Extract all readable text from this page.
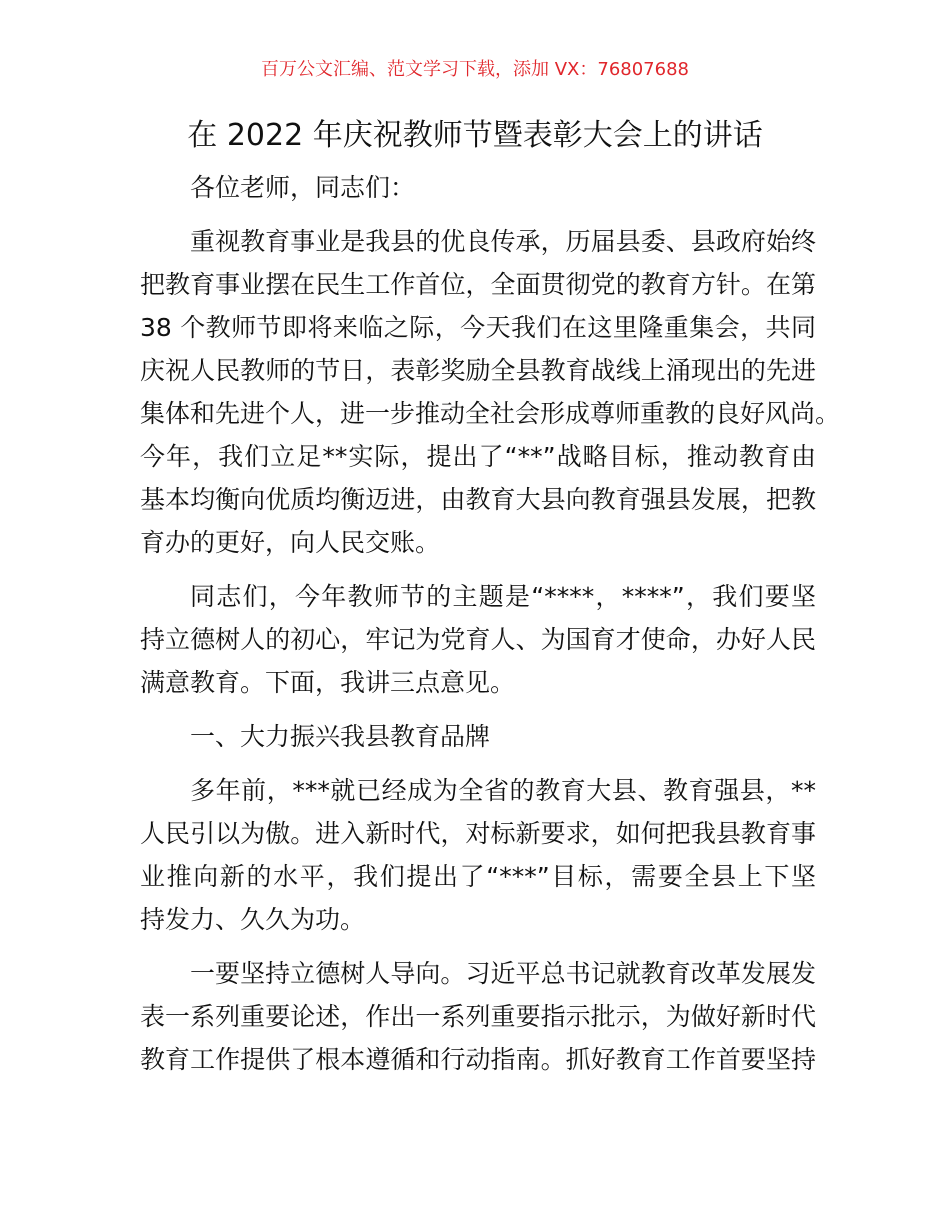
百万公文汇编、范文学习下载，添加 VX：76807688
在 2022 年庆祝教师节暨表彰大会上的讲话
各位老师，同志们：
重视教育事业是我县的优良传承，历届县委、县政府始终
把教育事业摆在民生工作首位，全面贯彻党的教育方针。在第
38 个教师节即将来临之际，今天我们在这里隆重集会，共同
庆祝人民教师的节日，表彰奖励全县教育战线上涌现出的先进
集体和先进个人，进一步推动全社会形成尊师重教的良好风尚。
今年，我们立足**实际，提出了“**”战略目标，推动教育由
基本均衡向优质均衡迈进，由教育大县向教育强县发展，把教
育办的更好，向人民交账。
同志们，今年教师节的主题是“****，****”，我们要坚
持立德树人的初心，牢记为党育人、为国育才使命，办好人民
满意教育。下面，我讲三点意见。
一、大力振兴我县教育品牌
多年前，***就已经成为全省的教育大县、教育强县，**
人民引以为傲。进入新时代，对标新要求，如何把我县教育事
业推向新的水平，我们提出了“***”目标，需要全县上下坚
持发力、久久为功。
一要坚持立德树人导向。习近平总书记就教育改革发展发
表一系列重要论述，作出一系列重要指示批示，为做好新时代
教育工作提供了根本遵循和行动指南。抓好教育工作首要坚持
